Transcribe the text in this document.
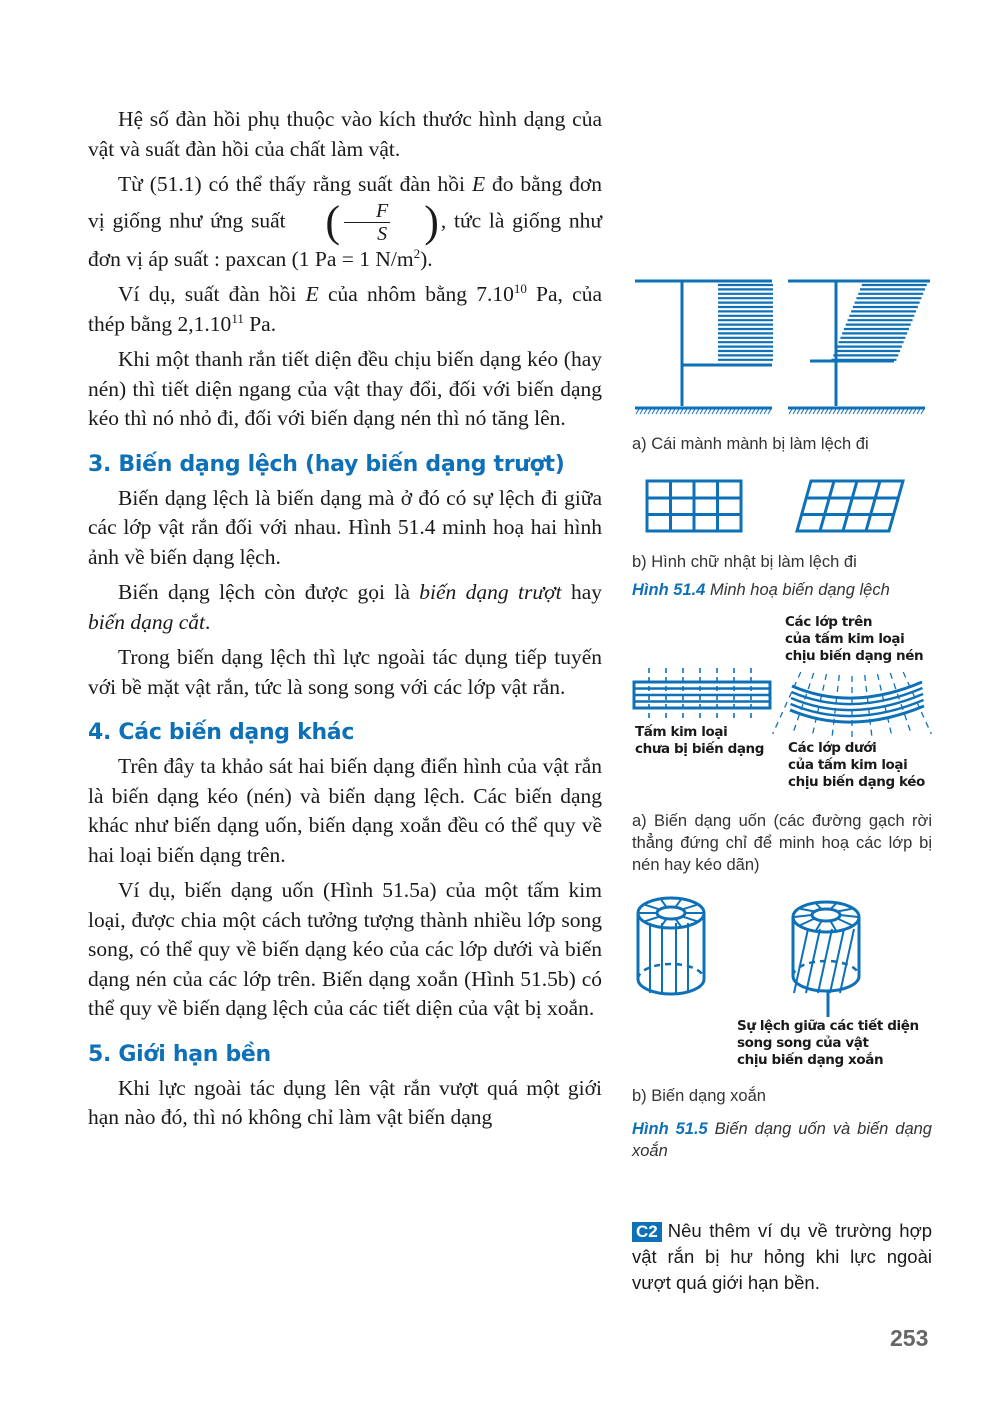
Hệ số đàn hồi phụ thuộc vào kích thước hình dạng của vật và suất đàn hồi của chất làm vật.

Từ (51.1) có thể thấy rằng suất đàn hồi E đo bằng đơn vị giống như ứng suất ( $\frac{F}{S}$ ) , tức là giống như đơn vị áp suất : paxcan (1 Pa = 1 $N/m^2$).

Ví dụ, suất đàn hồi E của nhôm bằng 7.10$^{10}$ Pa, của thép bằng 2,1.10$^{11}$ Pa.

Khi một thanh rắn tiết diện đều chịu biến dạng kéo (hay nén) thì tiết diện ngang của vật thay đổi, đối với biến dạng kéo thì nó nhỏ đi, đối với biến dạng nén thì nó tăng lên.

3. Biến dạng lệch (hay biến dạng trượt)

Biến dạng lệch là biến dạng mà ở đó có sự lệch đi giữa các lớp vật rắn đối với nhau. Hình 51.4 minh hoạ hai hình ảnh về biến dạng lệch.

Biến dạng lệch còn được gọi là biến dạng trượt hay biến dạng cắt.

Trong biến dạng lệch thì lực ngoài tác dụng tiếp tuyến với bề mặt vật rắn, tức là song song với các lớp vật rắn.

4. Các biến dạng khác

Trên đây ta khảo sát hai biến dạng điển hình của vật rắn là biến dạng kéo (nén) và biến dạng lệch. Các biến dạng khác như biến dạng uốn, biến dạng xoắn đều có thể quy về hai loại biến dạng trên.

Ví dụ, biến dạng uốn (Hình 51.5a) của một tấm kim loại, được chia một cách tưởng tượng thành nhiều lớp song song, có thể quy về biến dạng kéo của các lớp dưới và biến dạng nén của các lớp trên. Biến dạng xoắn (Hình 51.5b) có thể quy về biến dạng lệch của các tiết diện của vật bị xoắn.

5. Giới hạn bền

Khi lực ngoài tác dụng lên vật rắn vượt quá một giới hạn nào đó, thì nó không chỉ làm vật biến dạng

a) Cái mành mành bị làm lệch đi
b) Hình chữ nhật bị làm lệch đi
Hình 51.4 Minh hoạ biến dạng lệch
Các lớp trên
của tấm kim loại
chịu biến dạng nén
Tấm kim loại
chưa bị biến dạng Các lớp dưới
của tấm kim loại
chịu biến dạng kéo
a) Biến dạng uốn (các đường gạch rời thẳng đứng chỉ để minh hoạ các lớp bị nén hay kéo dãn)
Sự lệch giữa các tiết diện
song song của vật
chịu biến dạng xoắn
b) Biến dạng xoắn
Hình 51.5 Biến dạng uốn và biến dạng xoắn
C2 Nêu thêm ví dụ về trường hợp vật rắn bị hư hỏng khi lực ngoài vượt quá giới hạn bền.
253
